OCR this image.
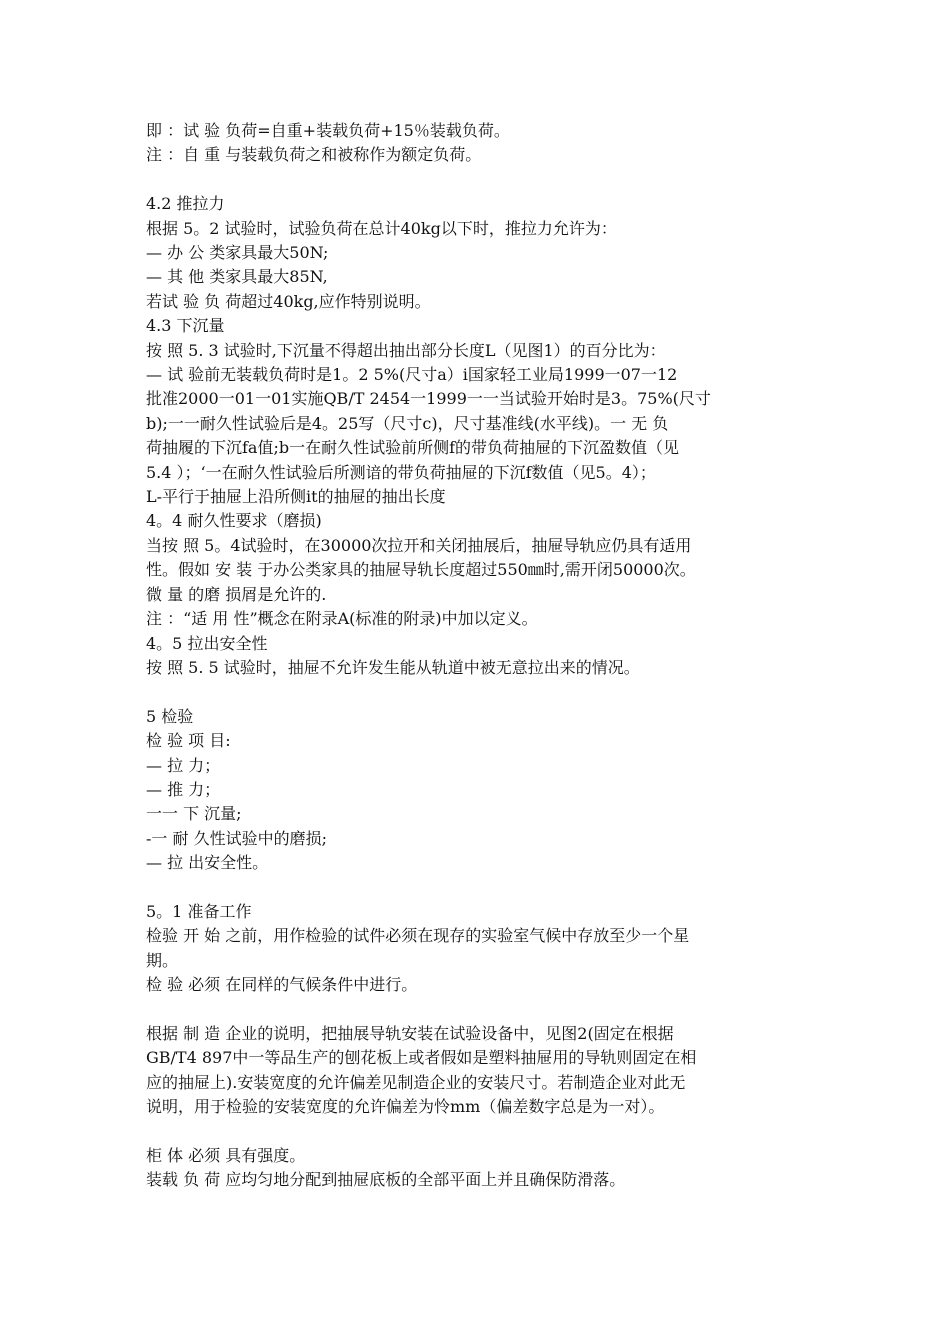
即 ：试 验 负荷=自重+装载负荷+15％装载负荷。
注 ：自 重 与装载负荷之和被称作为额定负荷。
4.2 推拉力
根据 5。2 试验时，试验负荷在总计40kg以下时，推拉力允许为：
— 办 公 类家具最大50N;
— 其 他 类家具最大85N,
若试 验 负 荷超过40kg,应作特别说明。
4.3 下沉量
按 照 5. 3 试验时,下沉量不得超出抽出部分长度L（见图1）的百分比为：
— 试 验前无装载负荷时是1。2 5%(尺寸a）i国家轻工业局1999一07一12
批准2000一01一01实施QB/T 2454一1999一一当试验开始时是3。75%(尺寸
b);一一耐久性试验后是4。25写（尺寸c)，尺寸基准线(水平线)。一 无 负
荷抽履的下沉fa值;b一在耐久性试验前所侧f的带负荷抽屉的下沉盈数值（见
5.4 ）；‘一在耐久性试验后所测谙的带负荷抽屉的下沉f数值（见5。4）；
L-平行于抽屉上沿所侧it的抽屉的抽出长度
4。4 耐久性要求（磨损)
当按 照 5。4试验时，在30000次拉开和关闭抽展后，抽屉导轨应仍具有适用
性。假如 安 装 于办公类家具的抽屉导轨长度超过550㎜时,需开闭50000次。
微 量 的磨 损屑是允许的.
注 ：“适 用 性”概念在附录A(标准的附录)中加以定义。
4。5 拉出安全性
按 照 5. 5 试验时，抽屉不允许发生能从轨道中被无意拉出来的情况。
5 检验
检 验 项 目:
— 拉 力；
— 推 力；
一一 下 沉量;
-一 耐 久性试验中的磨损;
— 拉 出安全性。
5。1 准备工作
检验 开 始 之前，用作检验的试件必须在现存的实验室气候中存放至少一个星
期。
检 验 必须 在同样的气候条件中进行。
根据 制 造 企业的说明，把抽展导轨安装在试验设备中，见图2(固定在根据
GB/T4 897中一等品生产的刨花板上或者假如是塑料抽屉用的导轨则固定在相
应的抽屉上).安装宽度的允许偏差见制造企业的安装尺寸。若制造企业对此无
说明，用于检验的安装宽度的允许偏差为怜mm（偏差数字总是为一对）。
柜 体 必须 具有强度。
装载 负 荷 应均匀地分配到抽屉底板的全部平面上并且确保防滑落。
